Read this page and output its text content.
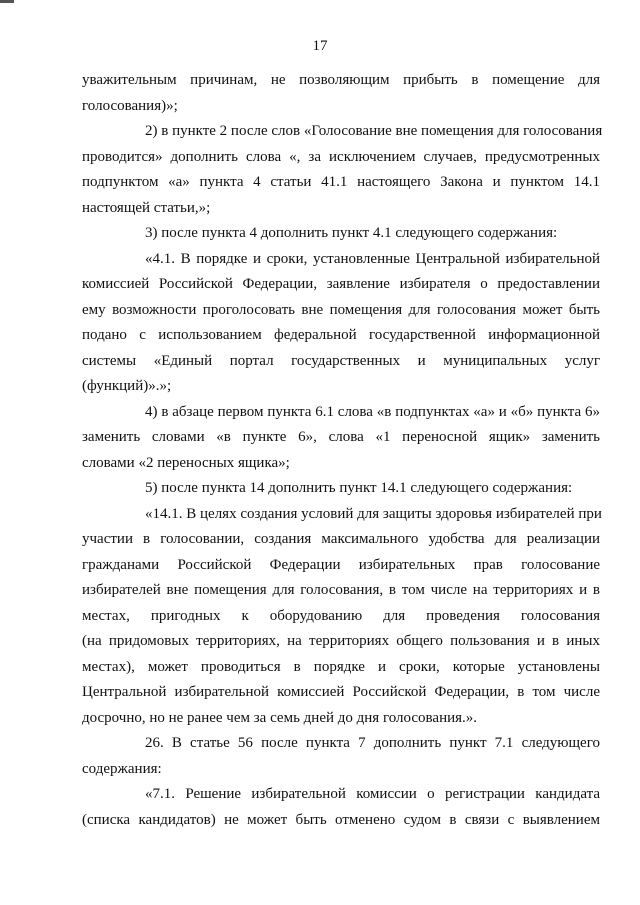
17
уважительным причинам, не позволяющим прибыть в помещение для
голосования)»;
2) в пункте 2 после слов «Голосование вне помещения для голосования
проводится» дополнить слова «, за исключением случаев, предусмотренных
подпунктом «а» пункта 4 статьи 41.1 настоящего Закона и пунктом 14.1
настоящей статьи,»;
3) после пункта 4 дополнить пункт 4.1 следующего содержания:
«4.1. В порядке и сроки, установленные Центральной избирательной
комиссией Российской Федерации, заявление избирателя о предоставлении
ему возможности проголосовать вне помещения для голосования может быть
подано с использованием федеральной государственной информационной
системы «Единый портал государственных и муниципальных услуг
(функций)».»;
4) в абзаце первом пункта 6.1 слова «в подпунктах «а» и «б» пункта 6»
заменить словами «в пункте 6», слова «1 переносной ящик» заменить
словами «2 переносных ящика»;
5) после пункта 14 дополнить пункт 14.1 следующего содержания:
«14.1. В целях создания условий для защиты здоровья избирателей при
участии в голосовании, создания максимального удобства для реализации
гражданами Российской Федерации избирательных прав голосование
избирателей вне помещения для голосования, в том числе на территориях и в
местах, пригодных к оборудованию для проведения голосования
(на придомовых территориях, на территориях общего пользования и в иных
местах), может проводиться в порядке и сроки, которые установлены
Центральной избирательной комиссией Российской Федерации, в том числе
досрочно, но не ранее чем за семь дней до дня голосования.».
26. В статье 56 после пункта 7 дополнить пункт 7.1 следующего
содержания:
«7.1. Решение избирательной комиссии о регистрации кандидата
(списка кандидатов) не может быть отменено судом в связи с выявлением
